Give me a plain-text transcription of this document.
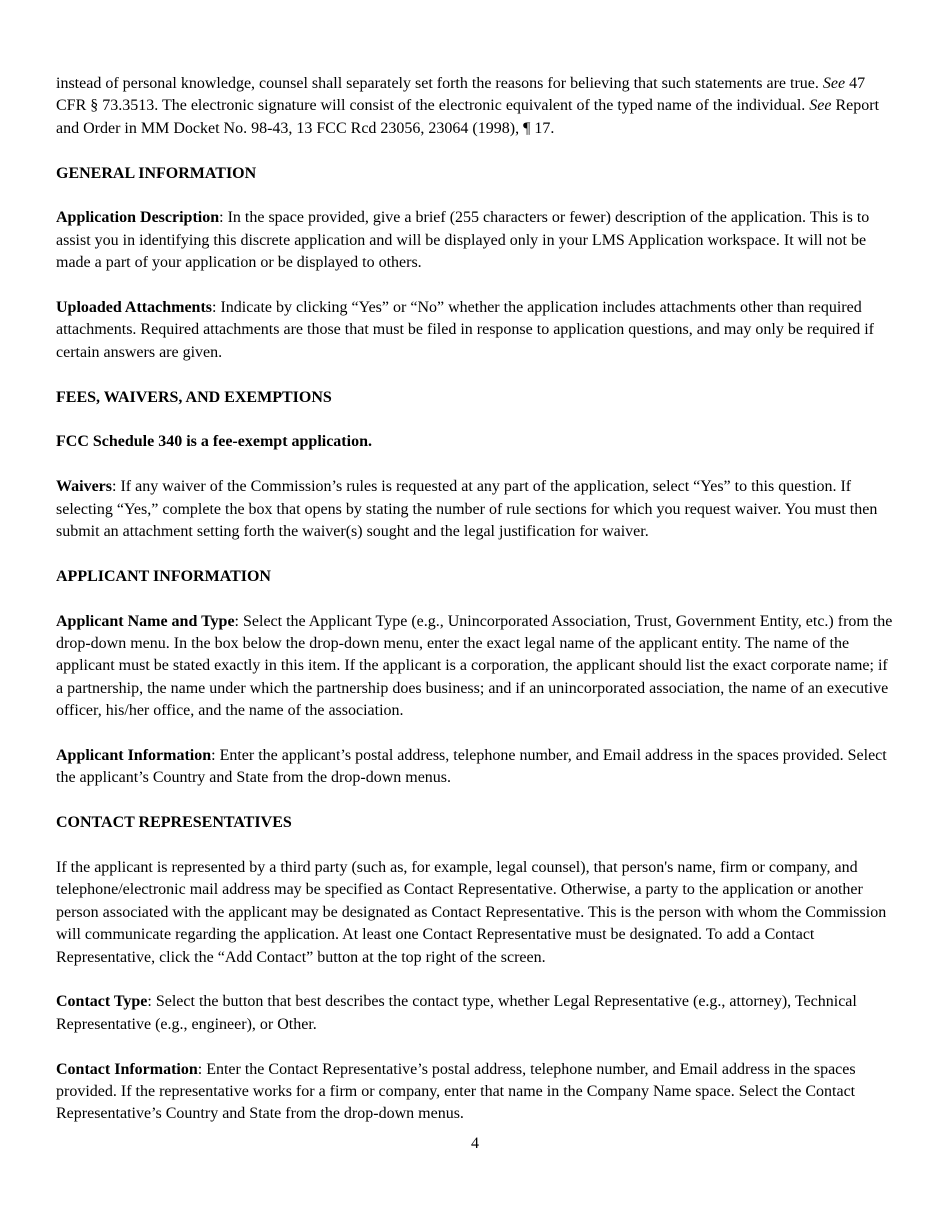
instead of personal knowledge, counsel shall separately set forth the reasons for believing that such statements are true. See 47 CFR § 73.3513. The electronic signature will consist of the electronic equivalent of the typed name of the individual. See Report and Order in MM Docket No. 98-43, 13 FCC Rcd 23056, 23064 (1998), ¶ 17.

GENERAL INFORMATION

Application Description: In the space provided, give a brief (255 characters or fewer) description of the application. This is to assist you in identifying this discrete application and will be displayed only in your LMS Application workspace. It will not be made a part of your application or be displayed to others.

Uploaded Attachments: Indicate by clicking “Yes” or “No” whether the application includes attachments other than required attachments. Required attachments are those that must be filed in response to application questions, and may only be required if certain answers are given.

FEES, WAIVERS, AND EXEMPTIONS

FCC Schedule 340 is a fee-exempt application.

Waivers: If any waiver of the Commission’s rules is requested at any part of the application, select “Yes” to this question. If selecting “Yes,” complete the box that opens by stating the number of rule sections for which you request waiver. You must then submit an attachment setting forth the waiver(s) sought and the legal justification for waiver.

APPLICANT INFORMATION

Applicant Name and Type: Select the Applicant Type (e.g., Unincorporated Association, Trust, Government Entity, etc.) from the drop-down menu. In the box below the drop-down menu, enter the exact legal name of the applicant entity. The name of the applicant must be stated exactly in this item. If the applicant is a corporation, the applicant should list the exact corporate name; if a partnership, the name under which the partnership does business; and if an unincorporated association, the name of an executive officer, his/her office, and the name of the association.

Applicant Information: Enter the applicant’s postal address, telephone number, and Email address in the spaces provided. Select the applicant’s Country and State from the drop-down menus.

CONTACT REPRESENTATIVES

If the applicant is represented by a third party (such as, for example, legal counsel), that person's name, firm or company, and telephone/electronic mail address may be specified as Contact Representative. Otherwise, a party to the application or another person associated with the applicant may be designated as Contact Representative. This is the person with whom the Commission will communicate regarding the application. At least one Contact Representative must be designated. To add a Contact Representative, click the “Add Contact” button at the top right of the screen.

Contact Type: Select the button that best describes the contact type, whether Legal Representative (e.g., attorney), Technical Representative (e.g., engineer), or Other.

Contact Information: Enter the Contact Representative’s postal address, telephone number, and Email address in the spaces provided. If the representative works for a firm or company, enter that name in the Company Name space. Select the Contact Representative’s Country and State from the drop-down menus.

4
